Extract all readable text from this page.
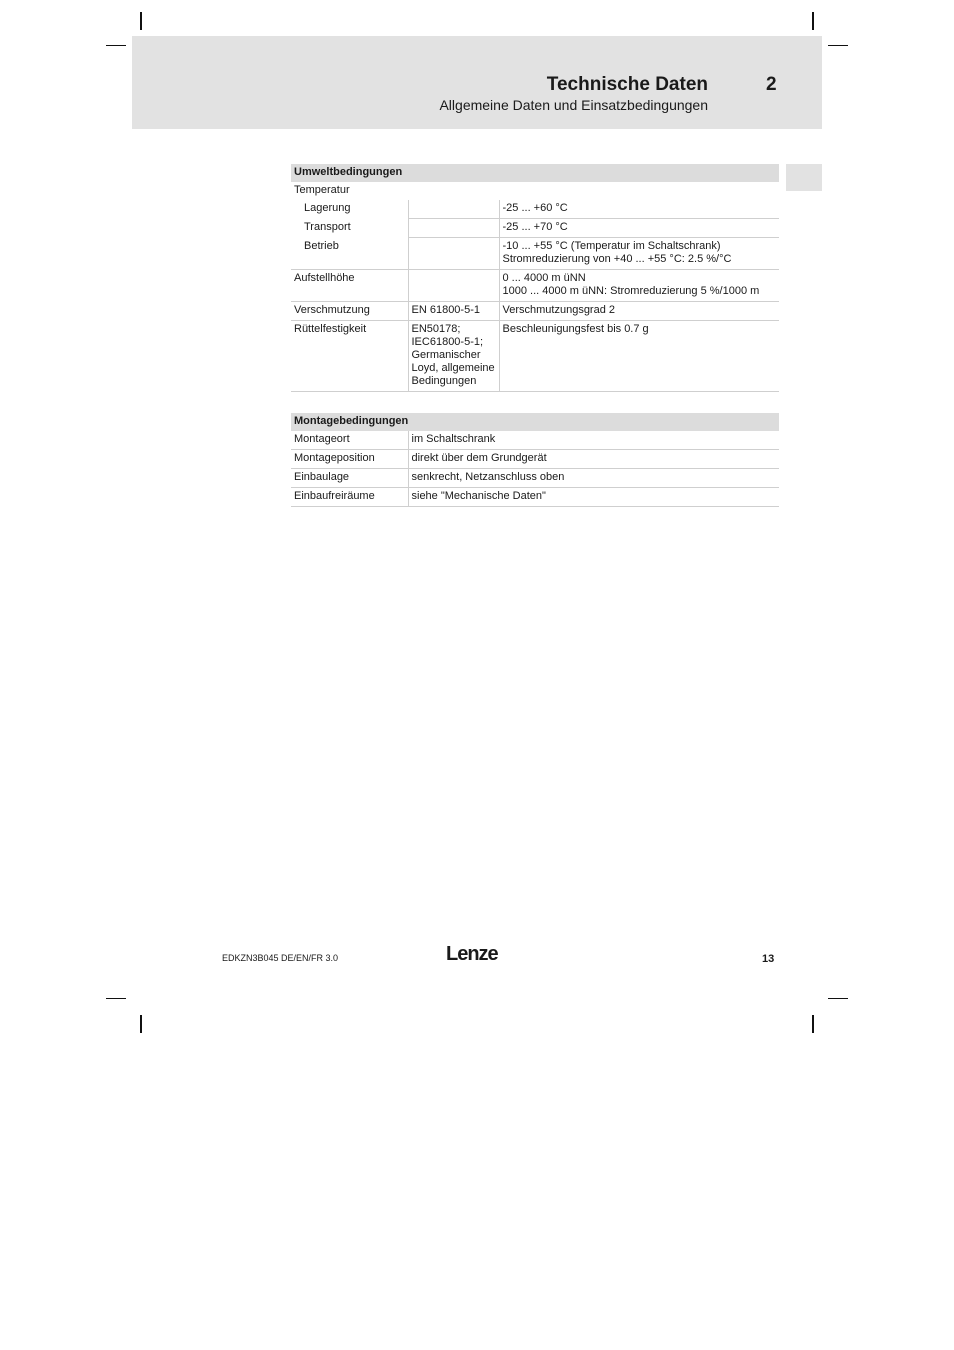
Technische Daten	2
Allgemeine Daten und Einsatzbedingungen
Umweltbedingungen		
Temperatur		
Lagerung		-25 ... +60 °C
Transport		-25 ... +70 °C
Betrieb		-10 ... +55 °C (Temperatur im Schaltschrank)
Stromreduzierung von +40 ... +55 °C: 2.5 %/°C

Aufstellhöhe		0 ... 4000 m üNN
1000 ... 4000 m üNN: Stromreduzierung 5 %/1000 m

Verschmutzung	EN 61800-5-1	Verschmutzungsgrad 2
Rüttelfestigkeit	EN50178;
IEC61800-5-1;
Germanischer
Loyd, allgemeine
Bedingungen	Beschleunigungsfest bis 0.7 g
Montagebedingungen	
Montageort	im Schaltschrank
Montageposition	direkt über dem Grundgerät
Einbaulage	senkrecht, Netzanschluss oben
Einbaufreiräume	siehe "Mechanische Daten"
EDKZN3B045 DE/EN/FR 3.0	Lenze	13
